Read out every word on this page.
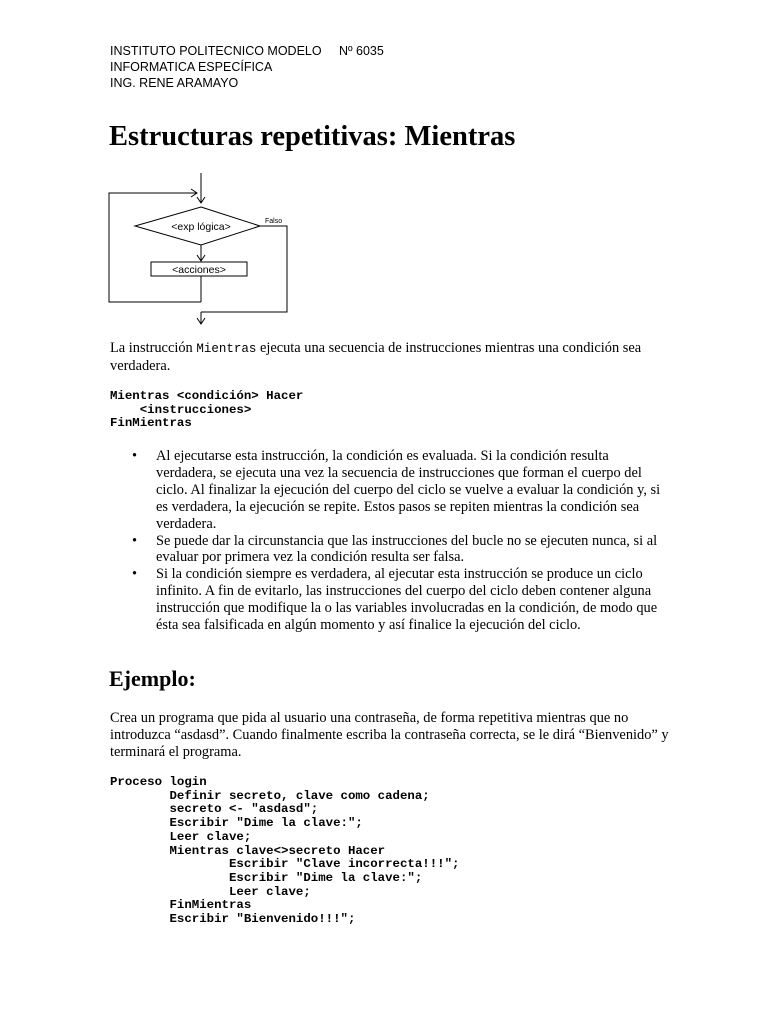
INSTITUTO POLITECNICO MODELO     Nº 6035
INFORMATICA ESPECÍFICA
ING. RENE ARAMAYO
Estructuras repetitivas: Mientras
<exp lógica>	Falso
<acciones>
La instrucción Mientras ejecuta una secuencia de instrucciones mientras una condición sea verdadera.
Mientras <condición> Hacer
<instrucciones>
FinMientras
• Al ejecutarse esta instrucción, la condición es evaluada. Si la condición resulta verdadera, se ejecuta una vez la secuencia de instrucciones que forman el cuerpo del ciclo. Al finalizar la ejecución del cuerpo del ciclo se vuelve a evaluar la condición y, si es verdadera, la ejecución se repite. Estos pasos se repiten mientras la condición sea verdadera.
• Se puede dar la circunstancia que las instrucciones del bucle no se ejecuten nunca, si al evaluar por primera vez la condición resulta ser falsa.
• Si la condición siempre es verdadera, al ejecutar esta instrucción se produce un ciclo infinito. A fin de evitarlo, las instrucciones del cuerpo del ciclo deben contener alguna instrucción que modifique la o las variables involucradas en la condición, de modo que ésta sea falsificada en algún momento y así finalice la ejecución del ciclo.
Ejemplo:
Crea un programa que pida al usuario una contraseña, de forma repetitiva mientras que no introduzca “asdasd”. Cuando finalmente escriba la contraseña correcta, se le dirá “Bienvenido” y terminará el programa.
Proceso login
Definir secreto, clave como cadena;
secreto <- "asdasd";
Escribir "Dime la clave:";
Leer clave;
Mientras clave<>secreto Hacer
Escribir "Clave incorrecta!!!";
Escribir "Dime la clave:";
Leer clave;
FinMientras
Escribir "Bienvenido!!!";
